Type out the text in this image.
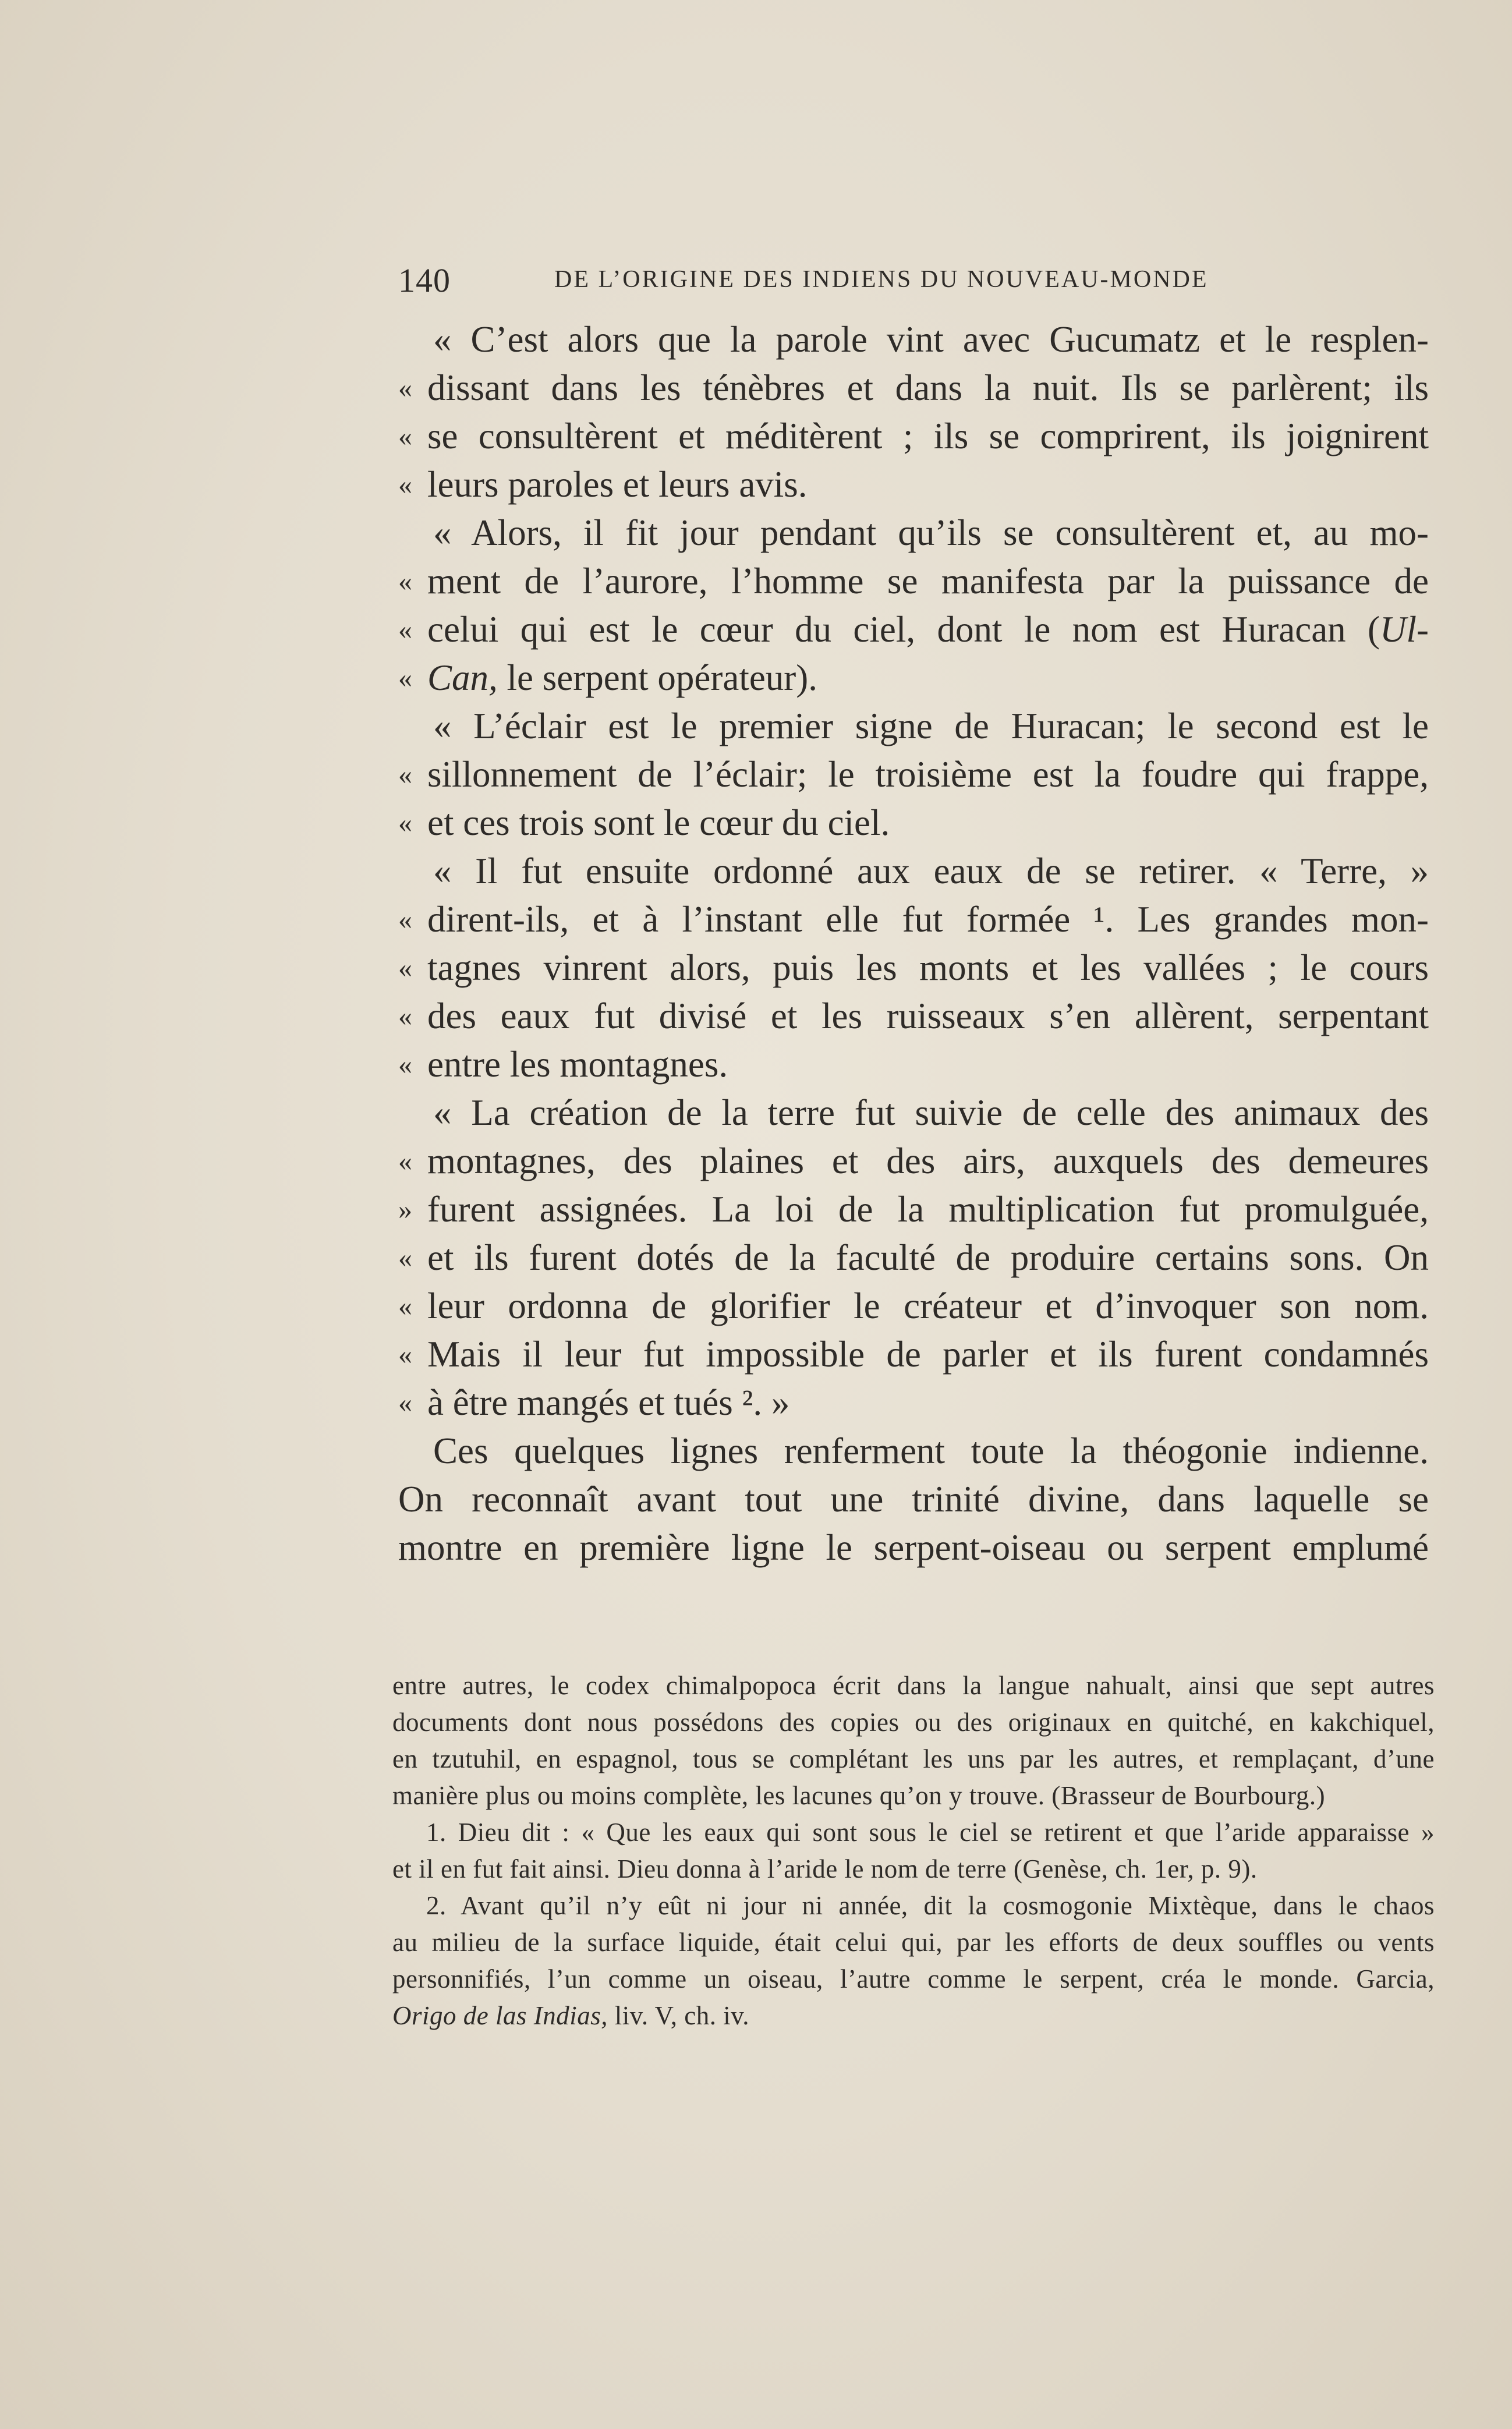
140	DE L’ORIGINE DES INDIENS DU NOUVEAU-MONDE
« C’est alors que la parole vint avec Gucumatz et le resplen-
« dissant dans les ténèbres et dans la nuit. Ils se parlèrent; ils
« se consultèrent et méditèrent ; ils se comprirent, ils joignirent
« leurs paroles et leurs avis.
« Alors, il fit jour pendant qu’ils se consultèrent et, au mo-
« ment de l’aurore, l’homme se manifesta par la puissance de
« celui qui est le cœur du ciel, dont le nom est Huracan (Ul-
« Can, le serpent opérateur).
« L’éclair est le premier signe de Huracan; le second est le
« sillonnement de l’éclair; le troisième est la foudre qui frappe,
« et ces trois sont le cœur du ciel.
« Il fut ensuite ordonné aux eaux de se retirer. « Terre, »
« dirent-ils, et à l’instant elle fut formée ¹. Les grandes mon-
« tagnes vinrent alors, puis les monts et les vallées ; le cours
« des eaux fut divisé et les ruisseaux s’en allèrent, serpentant
« entre les montagnes.
« La création de la terre fut suivie de celle des animaux des
« montagnes, des plaines et des airs, auxquels des demeures
» furent assignées. La loi de la multiplication fut promulguée,
« et ils furent dotés de la faculté de produire certains sons. On
« leur ordonna de glorifier le créateur et d’invoquer son nom.
« Mais il leur fut impossible de parler et ils furent condamnés
« à être mangés et tués ². »
Ces quelques lignes renferment toute la théogonie indienne.
On reconnaît avant tout une trinité divine, dans laquelle se
montre en première ligne le serpent-oiseau ou serpent emplumé
entre autres, le codex chimalpopoca écrit dans la langue nahualt, ainsi que sept autres
documents dont nous possédons des copies ou des originaux en quitché, en kakchiquel,
en tzutuhil, en espagnol, tous se complétant les uns par les autres, et remplaçant, d’une
manière plus ou moins complète, les lacunes qu’on y trouve. (Brasseur de Bourbourg.)
1. Dieu dit : « Que les eaux qui sont sous le ciel se retirent et que l’aride apparaisse »
et il en fut fait ainsi. Dieu donna à l’aride le nom de terre (Genèse, ch. 1er, p. 9).
2. Avant qu’il n’y eût ni jour ni année, dit la cosmogonie Mixtèque, dans le chaos
au milieu de la surface liquide, était celui qui, par les efforts de deux souffles ou vents
personnifiés, l’un comme un oiseau, l’autre comme le serpent, créa le monde. Garcia,
Origo de las Indias, liv. V, ch. iv.
